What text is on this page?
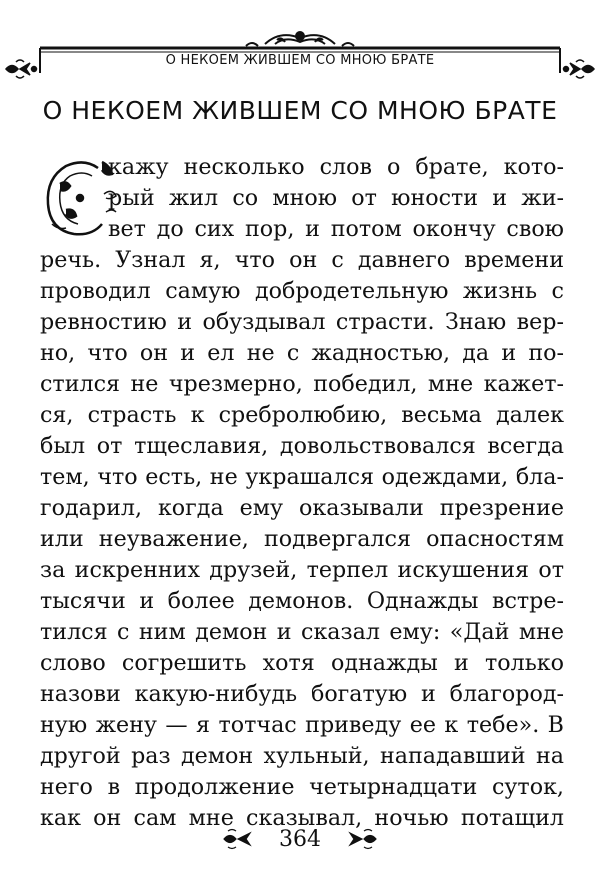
О НЕКОЕМ ЖИВШЕМ СО МНОЮ БРАТЕ
О НЕКОЕМ ЖИВШЕМ СО МНОЮ БРАТЕ
кажу несколько слов о брате, кото-
рый жил со мною от юности и жи-
вет до сих пор, и потом окончу свою
речь. Узнал я, что он с давнего времени
проводил самую добродетельную жизнь с
ревностию и обуздывал страсти. Знаю вер-
но, что он и ел не с жадностью, да и по-
стился не чрезмерно, победил, мне кажет-
ся, страсть к сребролюбию, весьма далек
был от тщеславия, довольствовался всегда
тем, что есть, не украшался одеждами, бла-
годарил, когда ему оказывали презрение
или неуважение, подвергался опасностям
за искренних друзей, терпел искушения от
тысячи и более демонов. Однажды встре-
тился с ним демон и сказал ему: «Дай мне
слово согрешить хотя однажды и только
назови какую-нибудь богатую и благород-
ную жену — я тотчас приведу ее к тебе». В
другой раз демон хульный, нападавший на
него в продолжение четырнадцати суток,
как он сам мне сказывал, ночью потащил
364
